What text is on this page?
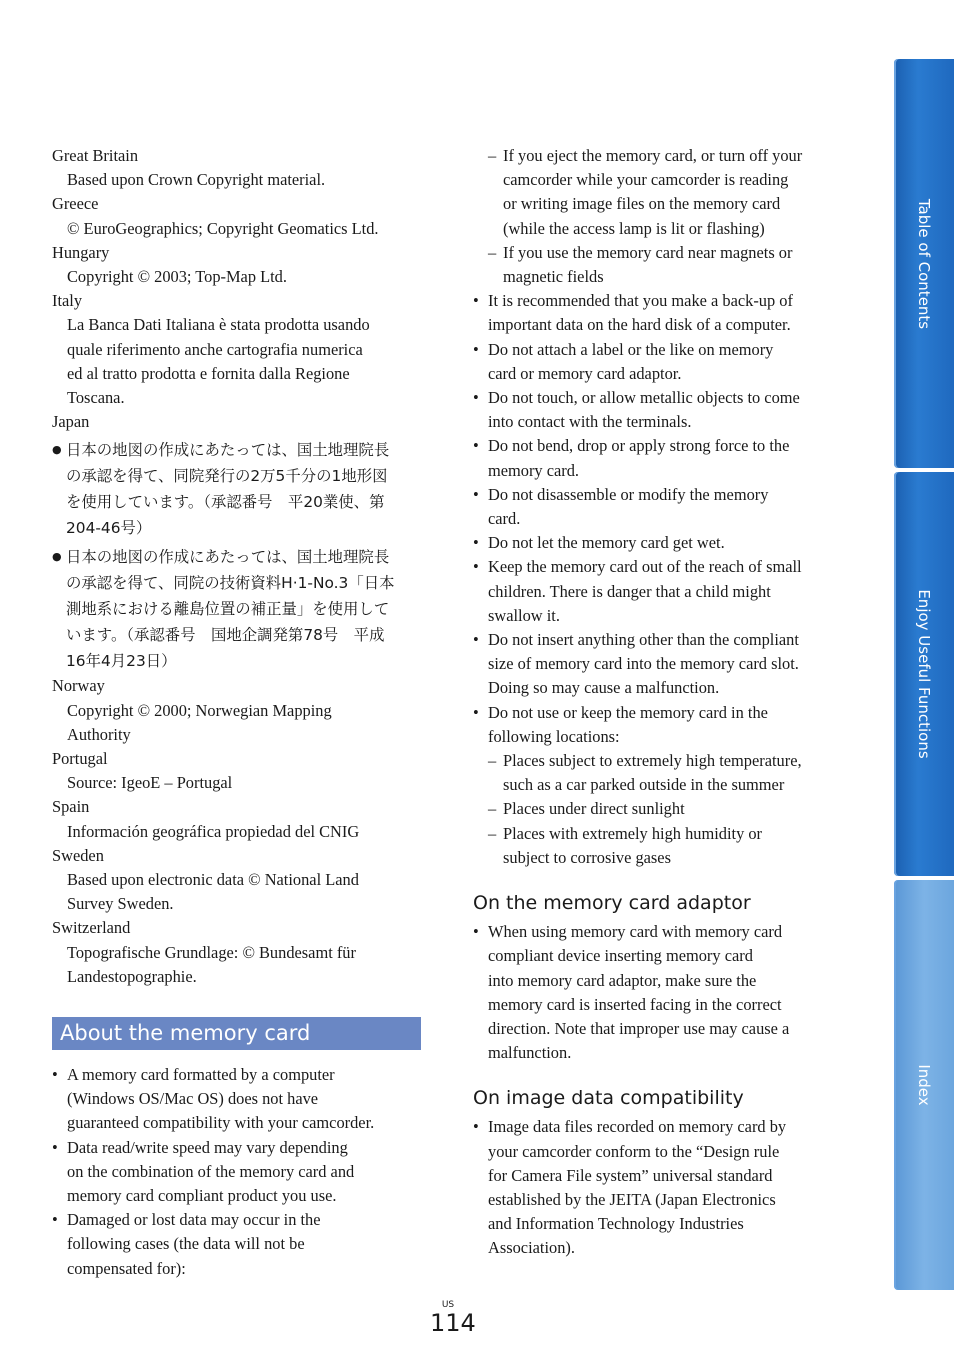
Great Britain

Based upon Crown Copyright material.

Greece

© EuroGeographics; Copyright Geomatics Ltd.

Hungary

Copyright © 2003; Top-Map Ltd.

Italy

La Banca Dati Italiana è stata prodotta usando
quale riferimento anche cartografia numerica
ed al tratto prodotta e fornita dalla Regione
Toscana.

Japan

● 日本の地図の作成にあたっては、国土地理院長
の承認を得て、同院発行の2万5千分の1地形図
を使用しています。（承認番号　平20業使、第
204-46号）
● 日本の地図の作成にあたっては、国土地理院長
の承認を得て、同院の技術資料H·1-No.3「日本
測地系における離島位置の補正量」を使用して
います。（承認番号　国地企調発第78号　平成
16年4月23日）

Norway

Copyright © 2000; Norwegian Mapping
Authority

Portugal

Source: IgeoE – Portugal

Spain

Información geográfica propiedad del CNIG

Sweden

Based upon electronic data © National Land
Survey Sweden.

Switzerland

Topografische Grundlage: © Bundesamt für
Landestopographie.
About the memory card
• A memory card formatted by a computer
(Windows OS/Mac OS) does not have
guaranteed compatibility with your camcorder.
• Data read/write speed may vary depending
on the combination of the memory card and
memory card compliant product you use.
• Damaged or lost data may occur in the
following cases (the data will not be
compensated for):
– If you eject the memory card, or turn off your
camcorder while your camcorder is reading
or writing image files on the memory card
(while the access lamp is lit or flashing)
– If you use the memory card near magnets or
magnetic fields
• It is recommended that you make a back-up of
important data on the hard disk of a computer.
• Do not attach a label or the like on memory
card or memory card adaptor.
• Do not touch, or allow metallic objects to come
into contact with the terminals.
• Do not bend, drop or apply strong force to the
memory card.
• Do not disassemble or modify the memory
card.
• Do not let the memory card get wet.
• Keep the memory card out of the reach of small
children. There is danger that a child might
swallow it.
• Do not insert anything other than the compliant
size of memory card into the memory card slot.
Doing so may cause a malfunction.
• Do not use or keep the memory card in the
following locations:
– Places subject to extremely high temperature,
such as a car parked outside in the summer
– Places under direct sunlight
– Places with extremely high humidity or
subject to corrosive gases

On the memory card adaptor

• When using memory card with memory card
compliant device inserting memory card
into memory card adaptor, make sure the
memory card is inserted facing in the correct
direction. Note that improper use may cause a
malfunction.

On image data compatibility

• Image data files recorded on memory card by
your camcorder conform to the “Design rule
for Camera File system” universal standard
established by the JEITA (Japan Electronics
and Information Technology Industries
Association).
Table of Contents
Enjoy Useful Functions
Index
US
114
